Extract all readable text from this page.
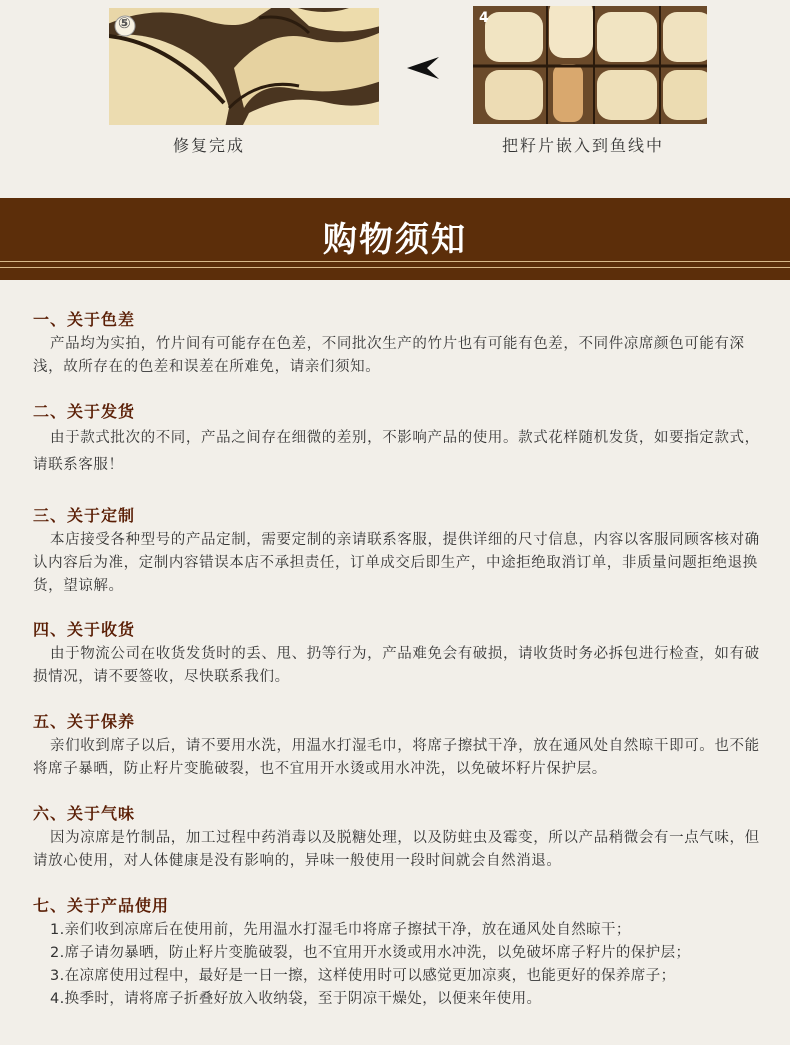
⑤	4
修复完成	把籽片嵌入到鱼线中
购物须知
一、关于色差
产品均为实拍，竹片间有可能存在色差，不同批次生产的竹片也有可能有色差，不同件凉席颜色可能有深浅，故所存在的色差和误差在所难免，请亲们须知。
二、关于发货
由于款式批次的不同，产品之间存在细微的差别，不影响产品的使用。款式花样随机发货，如要指定款式，请联系客服！
三、关于定制
本店接受各种型号的产品定制，需要定制的亲请联系客服，提供详细的尺寸信息，内容以客服同顾客核对确认内容后为准，定制内容错误本店不承担责任，订单成交后即生产，中途拒绝取消订单，非质量问题拒绝退换货，望谅解。
四、关于收货
由于物流公司在收货发货时的丢、甩、扔等行为，产品难免会有破损，请收货时务必拆包进行检查，如有破损情况，请不要签收，尽快联系我们。
五、关于保养
亲们收到席子以后，请不要用水洗，用温水打湿毛巾，将席子擦拭干净，放在通风处自然晾干即可。也不能将席子暴晒，防止籽片变脆破裂，也不宜用开水烫或用水冲洗，以免破坏籽片保护层。
六、关于气味
因为凉席是竹制品，加工过程中药消毒以及脱糖处理，以及防蛀虫及霉变，所以产品稍微会有一点气味，但请放心使用，对人体健康是没有影响的，异味一般使用一段时间就会自然消退。
七、关于产品使用
1.亲们收到凉席后在使用前，先用温水打湿毛巾将席子擦拭干净，放在通风处自然晾干；
2.席子请勿暴晒，防止籽片变脆破裂，也不宜用开水烫或用水冲洗，以免破坏席子籽片的保护层；
3.在凉席使用过程中，最好是一日一擦，这样使用时可以感觉更加凉爽，也能更好的保养席子；
4.换季时，请将席子折叠好放入收纳袋，至于阴凉干燥处，以便来年使用。
